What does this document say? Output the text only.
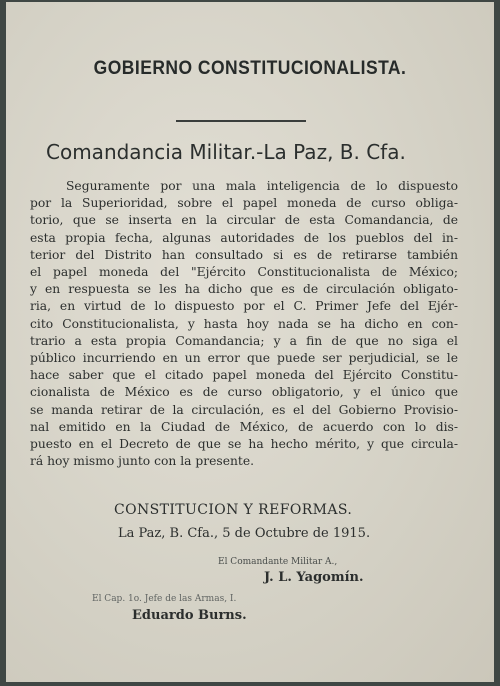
GOBIERNO CONSTITUCIONALISTA.
Comandancia Militar.-La Paz, B. Cfa.
Seguramente por una mala inteligencia de lo dispuesto
por la Superioridad, sobre el papel moneda de curso obliga-
torio, que se inserta en la circular de esta Comandancia, de
esta propia fecha, algunas autoridades de los pueblos del in-
terior del Distrito han consultado si es de retirarse también
el papel moneda del "Ejército Constitucionalista de México;
y en respuesta se les ha dicho que es de circulación obligato-
ria, en virtud de lo dispuesto por el C. Primer Jefe del Ejér-
cito Constitucionalista, y hasta hoy nada se ha dicho en con-
trario a esta propia Comandancia; y a fin de que no siga el
público incurriendo en un error que puede ser perjudicial, se le
hace saber que el citado papel moneda del Ejército Constitu-
cionalista de México es de curso obligatorio, y el único que
se manda retirar de la circulación, es el del Gobierno Provisio-
nal emitido en la Ciudad de México, de acuerdo con lo dis-
puesto en el Decreto de que se ha hecho mérito, y que circula-
rá hoy mismo junto con la presente.
CONSTITUCION Y REFORMAS.
La Paz, B. Cfa., 5 de Octubre de 1915.
El Comandante Militar A.,
J. L. Yagomín.
El Cap. 1o. Jefe de las Armas, I.
Eduardo Burns.
